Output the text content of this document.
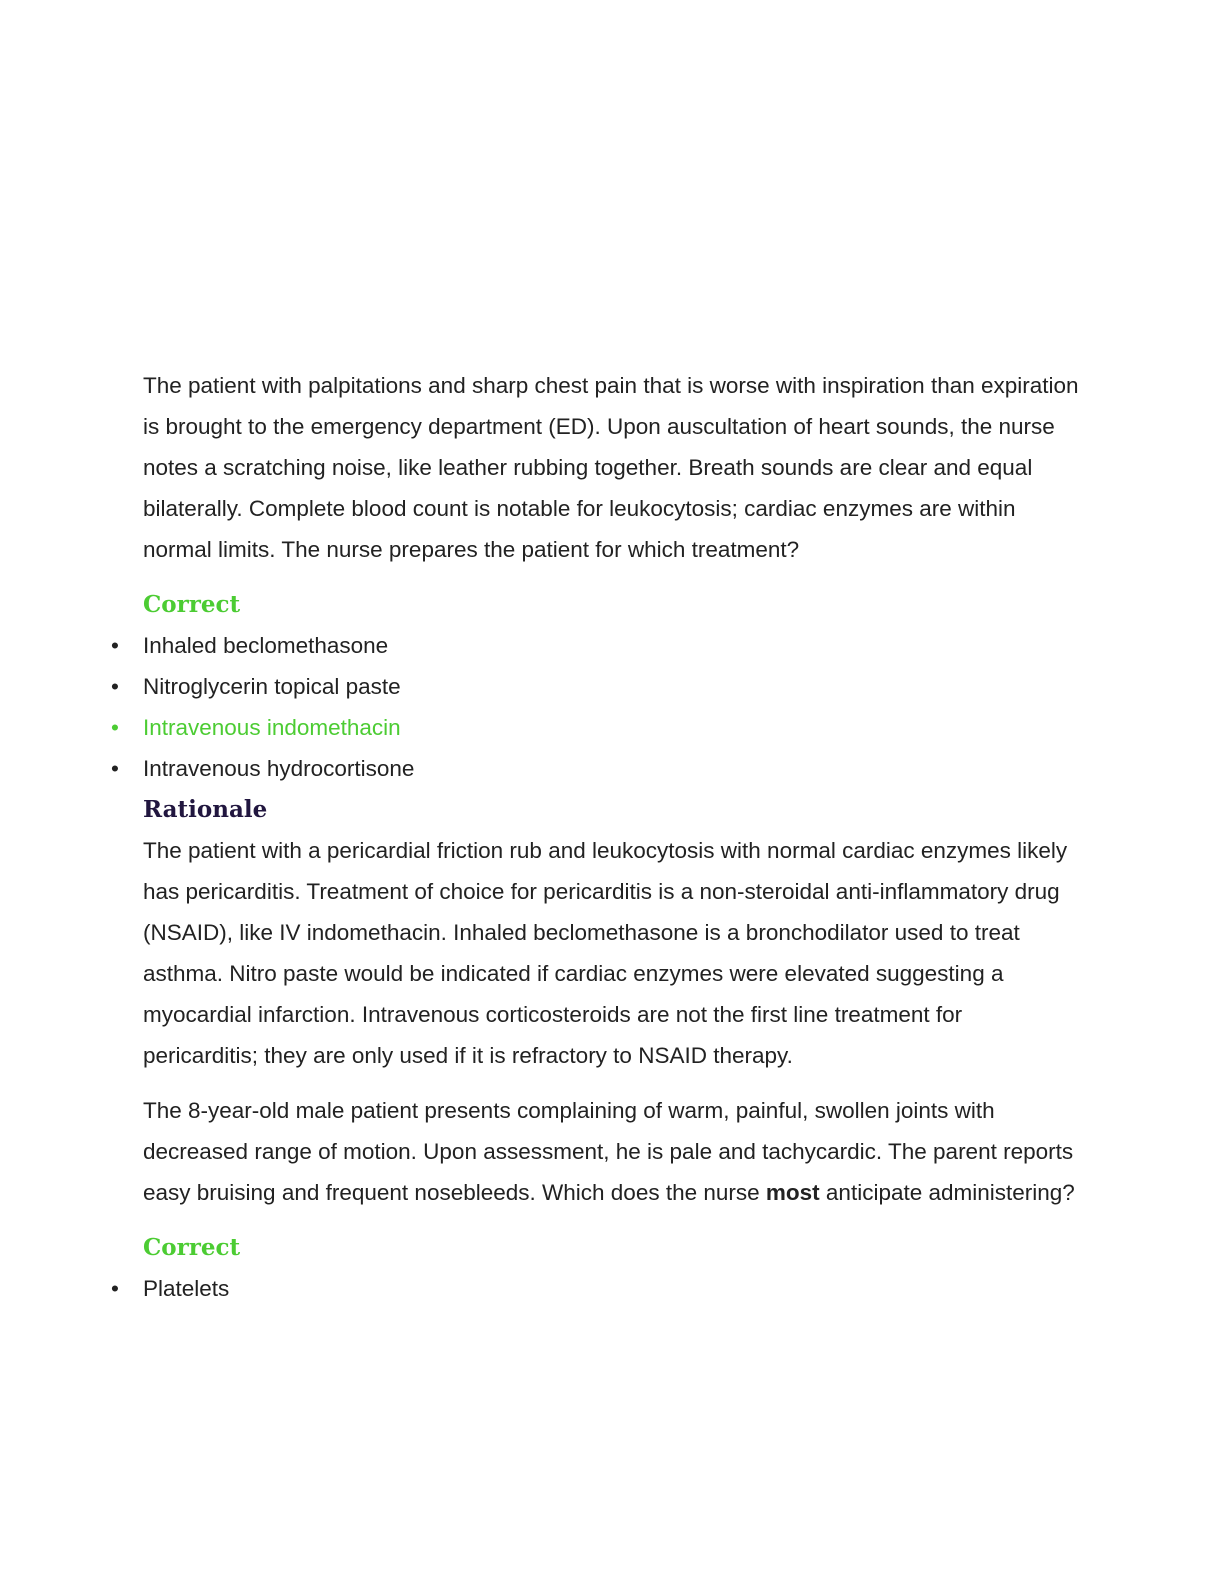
The patient with palpitations and sharp chest pain that is worse with inspiration than expiration is brought to the emergency department (ED). Upon auscultation of heart sounds, the nurse notes a scratching noise, like leather rubbing together. Breath sounds are clear and equal bilaterally. Complete blood count is notable for leukocytosis; cardiac enzymes are within normal limits. The nurse prepares the patient for which treatment?

Correct

• Inhaled beclomethasone
• Nitroglycerin topical paste
• Intravenous indomethacin
• Intravenous hydrocortisone

Rationale

The patient with a pericardial friction rub and leukocytosis with normal cardiac enzymes likely has pericarditis. Treatment of choice for pericarditis is a non-steroidal anti-inflammatory drug (NSAID), like IV indomethacin. Inhaled beclomethasone is a bronchodilator used to treat asthma. Nitro paste would be indicated if cardiac enzymes were elevated suggesting a myocardial infarction. Intravenous corticosteroids are not the first line treatment for pericarditis; they are only used if it is refractory to NSAID therapy.

The 8-year-old male patient presents complaining of warm, painful, swollen joints with decreased range of motion. Upon assessment, he is pale and tachycardic. The parent reports easy bruising and frequent nosebleeds. Which does the nurse most anticipate administering?

Correct

• Platelets
